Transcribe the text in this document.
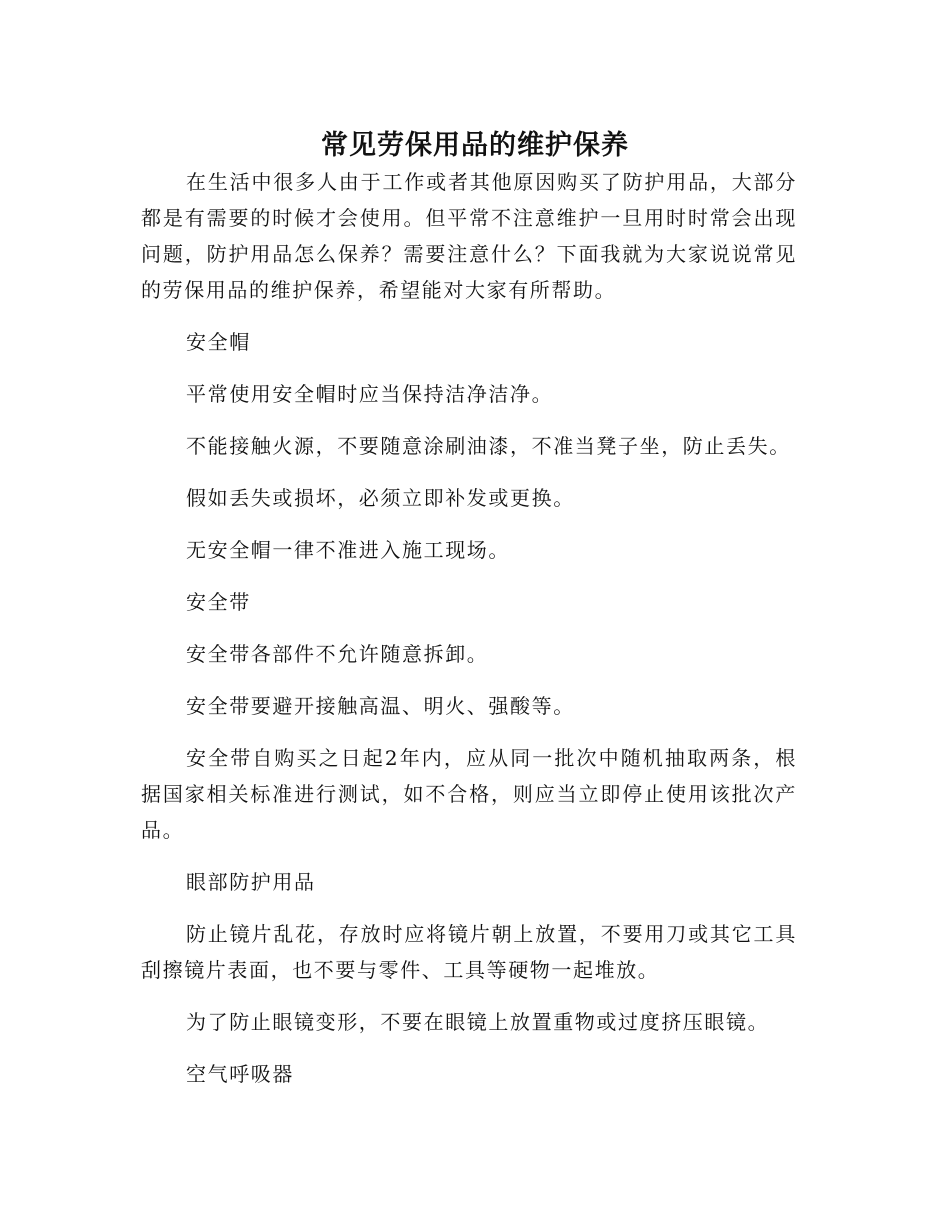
常见劳保用品的维护保养

在生活中很多人由于工作或者其他原因购买了防护用品，大部分都是有需要的时候才会使用。但平常不注意维护一旦用时时常会出现问题，防护用品怎么保养？需要注意什么？下面我就为大家说说常见的劳保用品的维护保养，希望能对大家有所帮助。

安全帽

平常使用安全帽时应当保持洁净洁净。

不能接触火源，不要随意涂刷油漆，不准当凳子坐，防止丢失。

假如丢失或损坏，必须立即补发或更换。

无安全帽一律不准进入施工现场。

安全带

安全带各部件不允许随意拆卸。

安全带要避开接触高温、明火、强酸等。

安全带自购买之日起2年内，应从同一批次中随机抽取两条，根据国家相关标准进行测试，如不合格，则应当立即停止使用该批次产品。

眼部防护用品

防止镜片乱花，存放时应将镜片朝上放置，不要用刀或其它工具刮擦镜片表面，也不要与零件、工具等硬物一起堆放。

为了防止眼镜变形，不要在眼镜上放置重物或过度挤压眼镜。

空气呼吸器
